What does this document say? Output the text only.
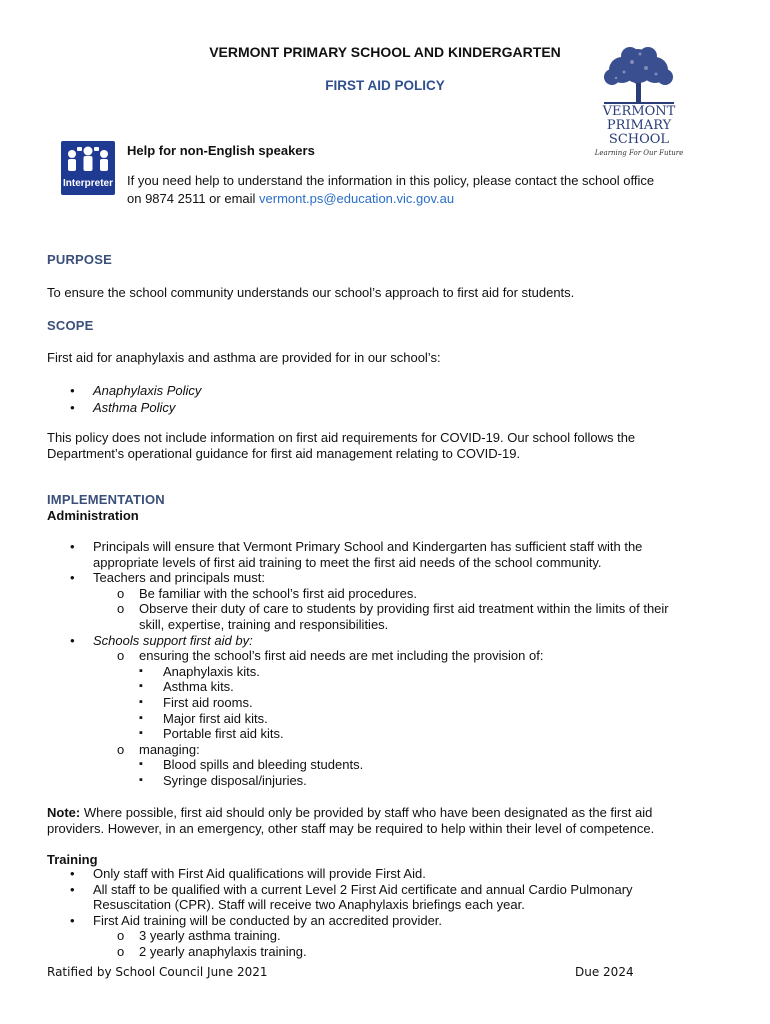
VERMONT PRIMARY SCHOOL AND KINDERGARTEN
FIRST AID POLICY
VERMONT
PRIMARY
SCHOOL
Learning For Our Future
Interpreter
Help for non-English speakers
If you need help to understand the information in this policy, please contact the school office
on 9874 2511 or email vermont.ps@education.vic.gov.au
PURPOSE
To ensure the school community understands our school’s approach to first aid for students.
SCOPE
First aid for anaphylaxis and asthma are provided for in our school’s:
• Anaphylaxis Policy
• Asthma Policy
This policy does not include information on first aid requirements for COVID-19. Our school follows the
Department’s operational guidance for first aid management relating to COVID-19.
IMPLEMENTATION
Administration
• Principals will ensure that Vermont Primary School and Kindergarten has sufficient staff with the
appropriate levels of first aid training to meet the first aid needs of the school community.
• Teachers and principals must:
o Be familiar with the school’s first aid procedures.
o Observe their duty of care to students by providing first aid treatment within the limits of their
skill, expertise, training and responsibilities.
• Schools support first aid by:
o ensuring the school’s first aid needs are met including the provision of:
▪ Anaphylaxis kits.
▪ Asthma kits.
▪ First aid rooms.
▪ Major first aid kits.
▪ Portable first aid kits.
o managing:
▪ Blood spills and bleeding students.
▪ Syringe disposal/injuries.
Note: Where possible, first aid should only be provided by staff who have been designated as the first aid
providers. However, in an emergency, other staff may be required to help within their level of competence.
Training
• Only staff with First Aid qualifications will provide First Aid.
• All staff to be qualified with a current Level 2 First Aid certificate and annual Cardio Pulmonary
Resuscitation (CPR). Staff will receive two Anaphylaxis briefings each year.
• First Aid training will be conducted by an accredited provider.
o 3 yearly asthma training.
o 2 yearly anaphylaxis training.
Ratified by School Council June 2021	Due 2024
